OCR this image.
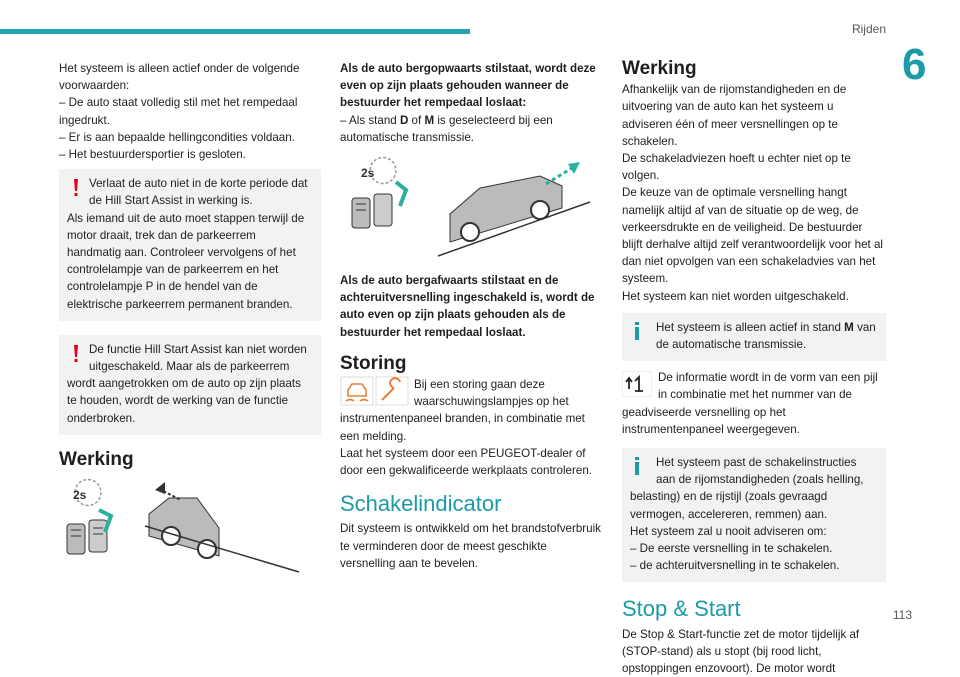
Rijden
6
113

Het systeem is alleen actief onder de volgende voorwaarden:

– De auto staat volledig stil met het rempedaal ingedrukt.

– Er is aan bepaalde hellingcondities voldaan.

– Het bestuurdersportier is gesloten.

Verlaat de auto niet in de korte periode dat de Hill Start Assist in werking is.

Als iemand uit de auto moet stappen terwijl de motor draait, trek dan de parkeerrem handmatig aan. Controleer vervolgens of het controlelampje van de parkeerrem en het controlelampje P in de hendel van de elektrische parkeerrem permanent branden.

De functie Hill Start Assist kan niet worden uitgeschakeld. Maar als de parkeerrem

wordt aangetrokken om de auto op zijn plaats te houden, wordt de werking van de functie onderbroken.

Werking
2s

Als de auto bergopwaarts stilstaat, wordt deze even op zijn plaats gehouden wanneer de bestuurder het rempedaal loslaat:

– Als stand D of M is geselecteerd bij een automatische transmissie.

2s

Als de auto bergafwaarts stilstaat en de achteruitversnelling ingeschakeld is, wordt de auto even op zijn plaats gehouden als de bestuurder het rempedaal loslaat.

Storing

Bij een storing gaan deze waarschuwingslampjes op het instrumentenpaneel branden, in combinatie met een melding.

Laat het systeem door een PEUGEOT-dealer of door een gekwalificeerde werkplaats controleren.

Schakelindicator

Dit systeem is ontwikkeld om het brandstofverbruik te verminderen door de meest geschikte versnelling aan te bevelen.

Werking

Afhankelijk van de rijomstandigheden en de uitvoering van de auto kan het systeem u adviseren één of meer versnellingen op te schakelen.

De schakeladviezen hoeft u echter niet op te volgen.

De keuze van de optimale versnelling hangt namelijk altijd af van de situatie op de weg, de verkeersdrukte en de veiligheid. De bestuurder blijft derhalve altijd zelf verantwoordelijk voor het al dan niet opvolgen van een schakeladvies van het systeem.

Het systeem kan niet worden uitgeschakeld.

Het systeem is alleen actief in stand M van de automatische transmissie.

De informatie wordt in de vorm van een pijl in combinatie met het nummer van de geadviseerde versnelling op het instrumentenpaneel weergegeven.

Het systeem past de schakelinstructies aan de rijomstandigheden (zoals helling,

belasting) en de rijstijl (zoals gevraagd vermogen, accelereren, remmen) aan.

Het systeem zal u nooit adviseren om:

– De eerste versnelling in te schakelen.

– de achteruitversnelling in te schakelen.

Stop & Start

De Stop & Start-functie zet de motor tijdelijk af (STOP-stand) als u stopt (bij rood licht, opstoppingen enzovoort). De motor wordt
